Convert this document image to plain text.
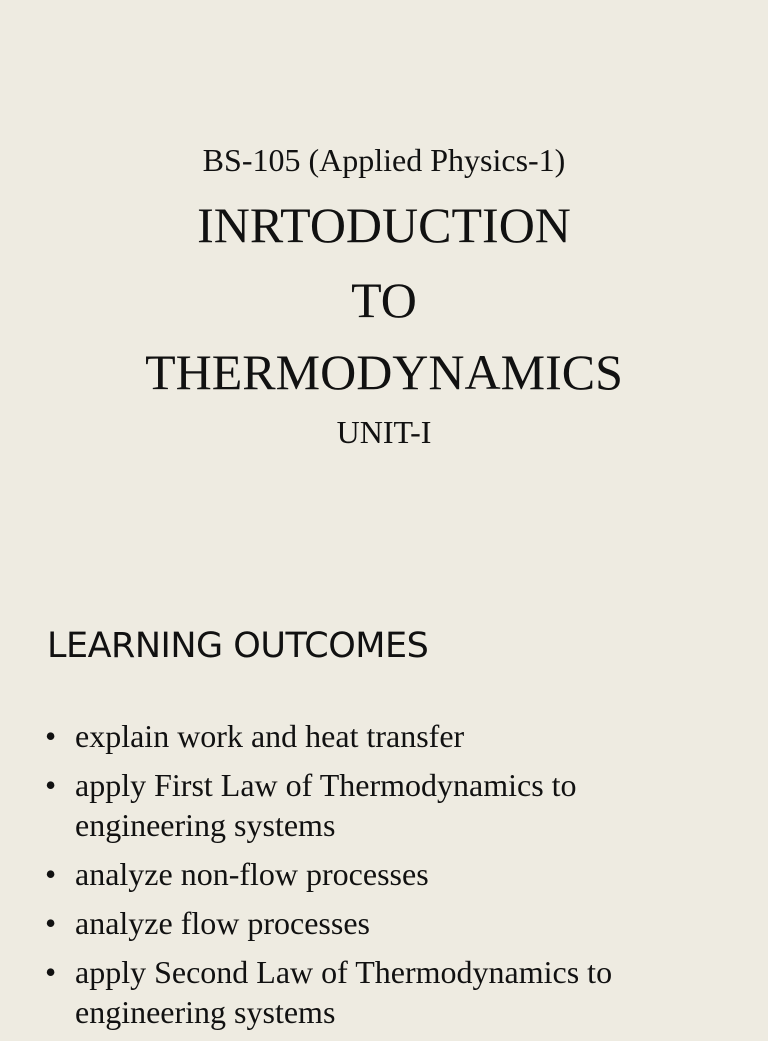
BS-105 (Applied Physics-1)
INRTODUCTION
TO
THERMODYNAMICS
UNIT-I
LEARNING OUTCOMES
• explain work and heat transfer
• apply First Law of Thermodynamics to engineering systems
• analyze non-flow processes
• analyze flow processes
• apply Second Law of Thermodynamics to engineering systems
